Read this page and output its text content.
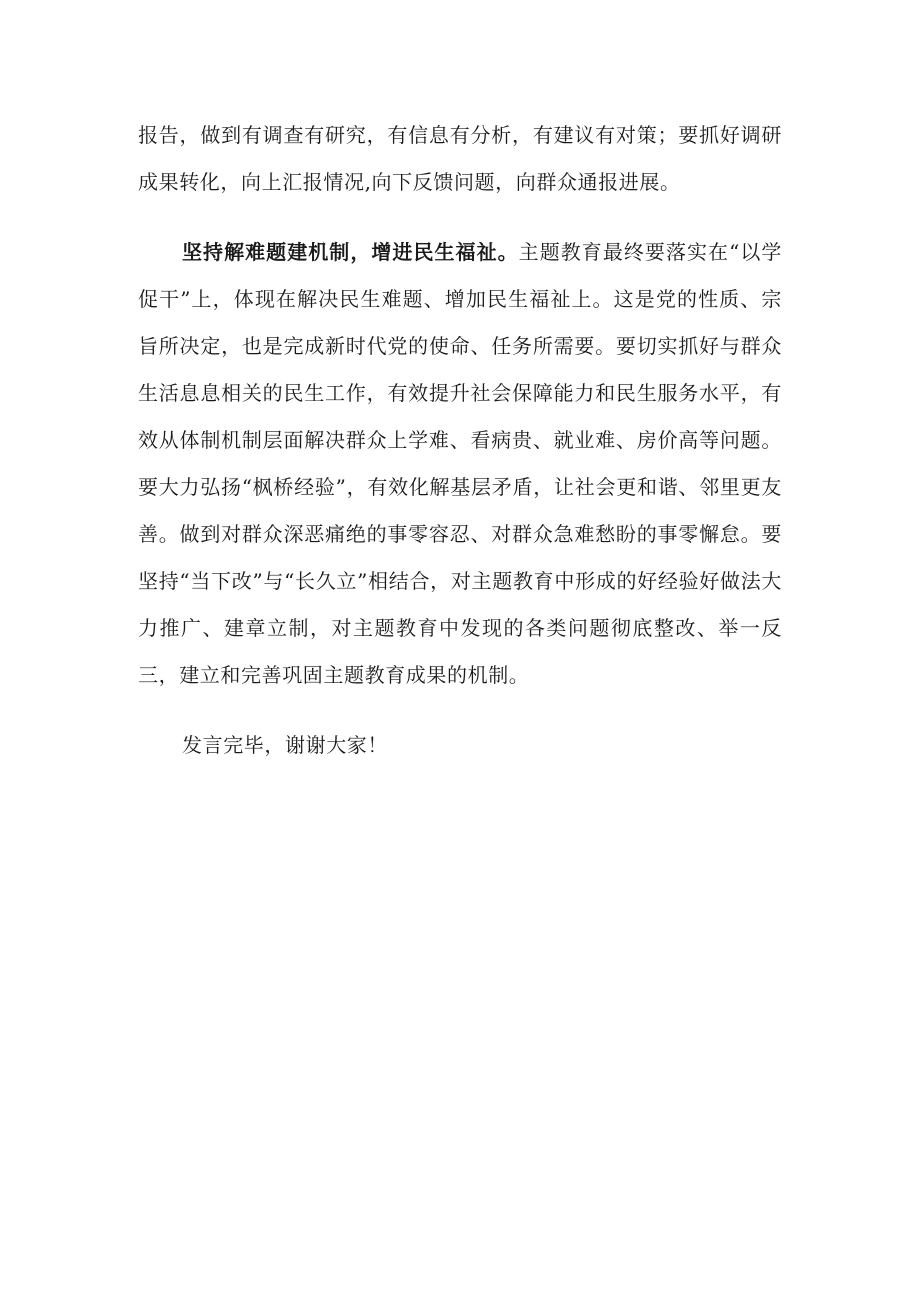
报告，做到有调查有研究，有信息有分析，有建议有对策；要抓好调研成果转化，向上汇报情况,向下反馈问题，向群众通报进展。

坚持解难题建机制，增进民生福祉。主题教育最终要落实在“以学促干”上，体现在解决民生难题、增加民生福祉上。这是党的性质、宗旨所决定，也是完成新时代党的使命、任务所需要。要切实抓好与群众生活息息相关的民生工作，有效提升社会保障能力和民生服务水平，有效从体制机制层面解决群众上学难、看病贵、就业难、房价高等问题。要大力弘扬“枫桥经验”，有效化解基层矛盾，让社会更和谐、邻里更友善。做到对群众深恶痛绝的事零容忍、对群众急难愁盼的事零懈怠。要坚持“当下改”与“长久立”相结合，对主题教育中形成的好经验好做法大力推广、建章立制，对主题教育中发现的各类问题彻底整改、举一反三，建立和完善巩固主题教育成果的机制。

发言完毕，谢谢大家！
